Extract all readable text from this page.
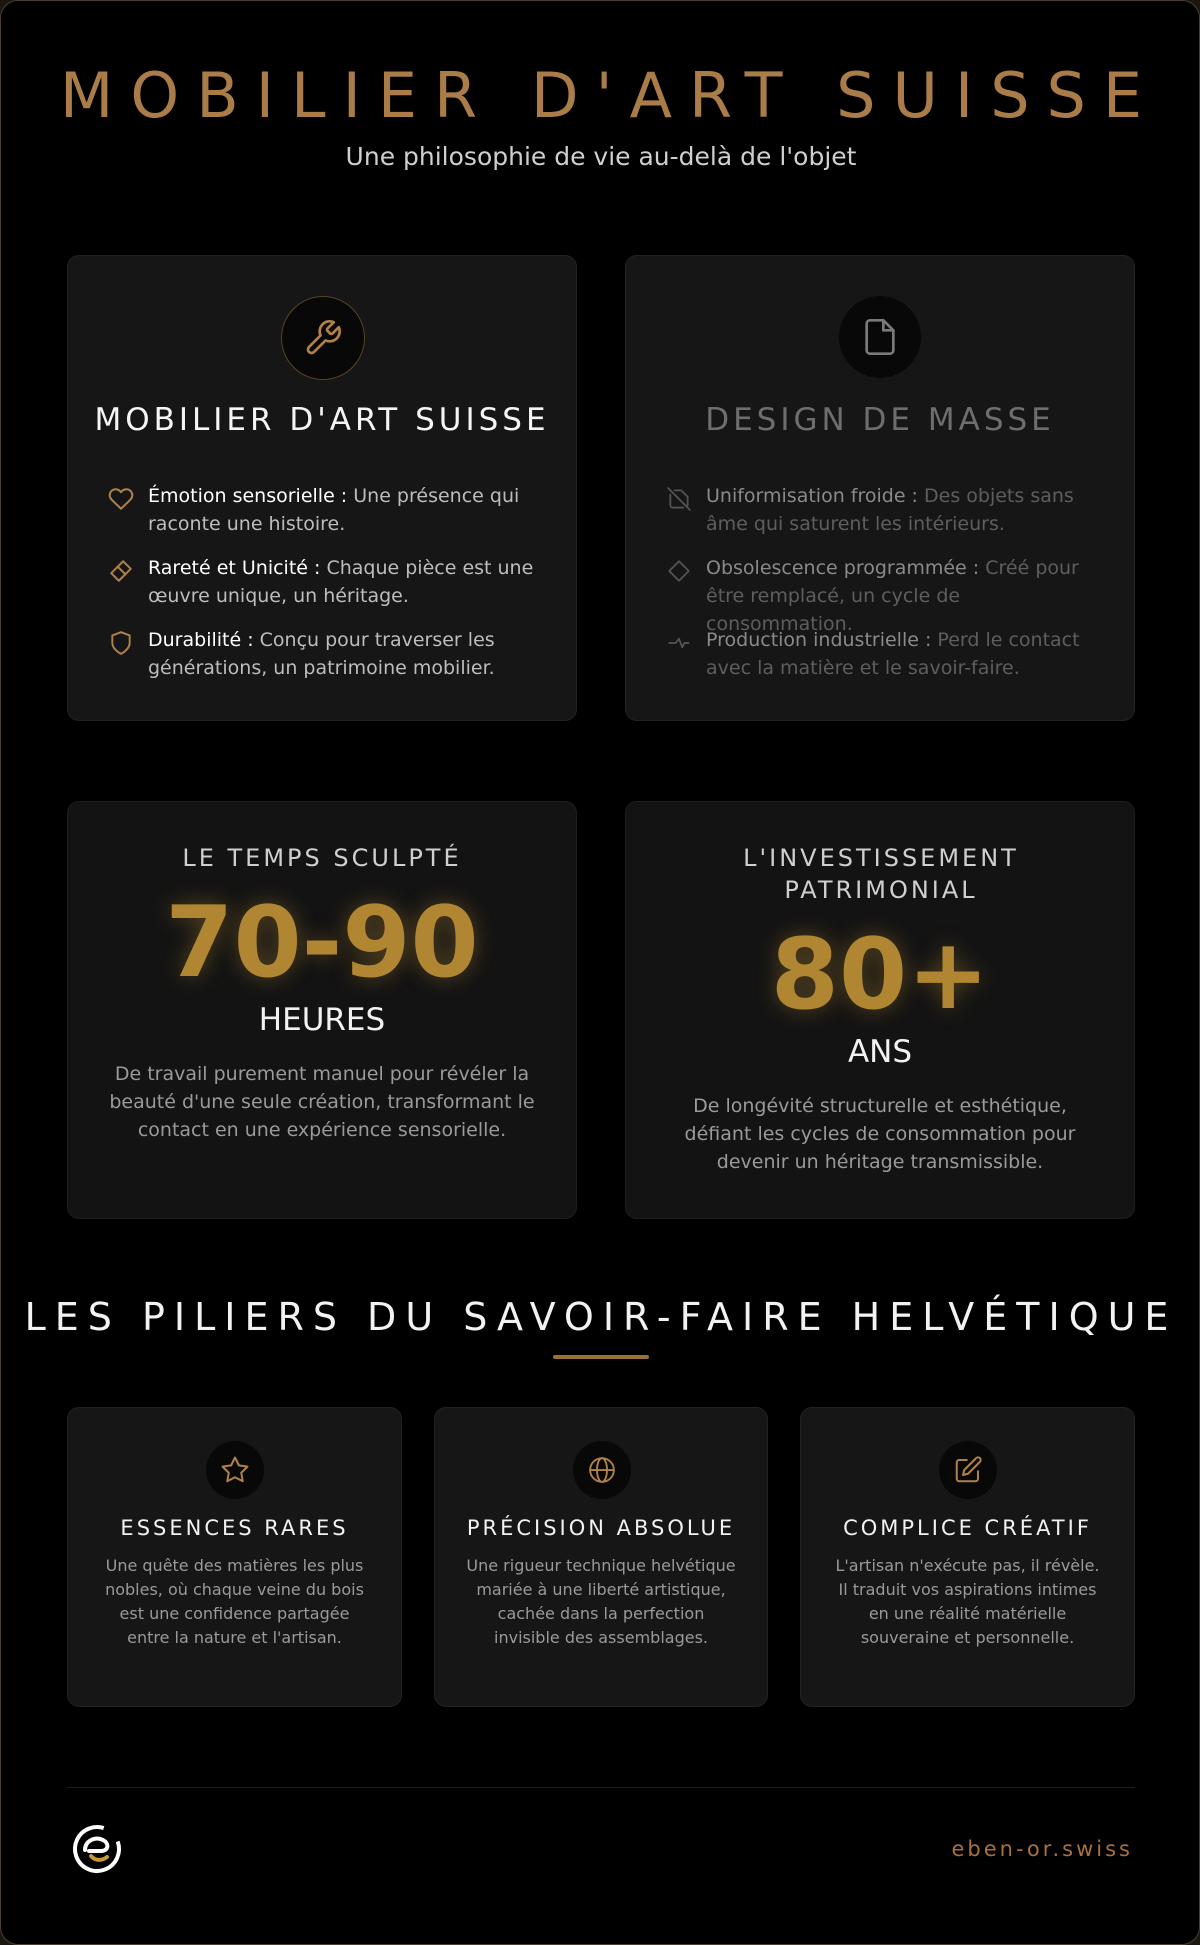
MOBILIER D'ART SUISSE
Une philosophie de vie au-delà de l'objet
MOBILIER D'ART SUISSE
Émotion sensorielle : Une présence qui raconte une histoire.
Rareté et Unicité : Chaque pièce est une œuvre unique, un héritage.
Durabilité : Conçu pour traverser les générations, un patrimoine mobilier.
DESIGN DE MASSE
Uniformisation froide : Des objets sans âme qui saturent les intérieurs.
Obsolescence programmée : Créé pour être remplacé, un cycle de consommation.
Production industrielle : Perd le contact avec la matière et le savoir-faire.
LE TEMPS SCULPTÉ
70-90
HEURES
De travail purement manuel pour révéler la beauté d'une seule création, transformant le contact en une expérience sensorielle.
L'INVESTISSEMENT PATRIMONIAL
80+
ANS
De longévité structurelle et esthétique, défiant les cycles de consommation pour devenir un héritage transmissible.
LES PILIERS DU SAVOIR-FAIRE HELVÉTIQUE
ESSENCES RARES
Une quête des matières les plus nobles, où chaque veine du bois est une confidence partagée entre la nature et l'artisan.
PRÉCISION ABSOLUE
Une rigueur technique helvétique mariée à une liberté artistique, cachée dans la perfection invisible des assemblages.
COMPLICE CRÉATIF
L'artisan n'exécute pas, il révèle. Il traduit vos aspirations intimes en une réalité matérielle souveraine et personnelle.
eben-or.swiss
